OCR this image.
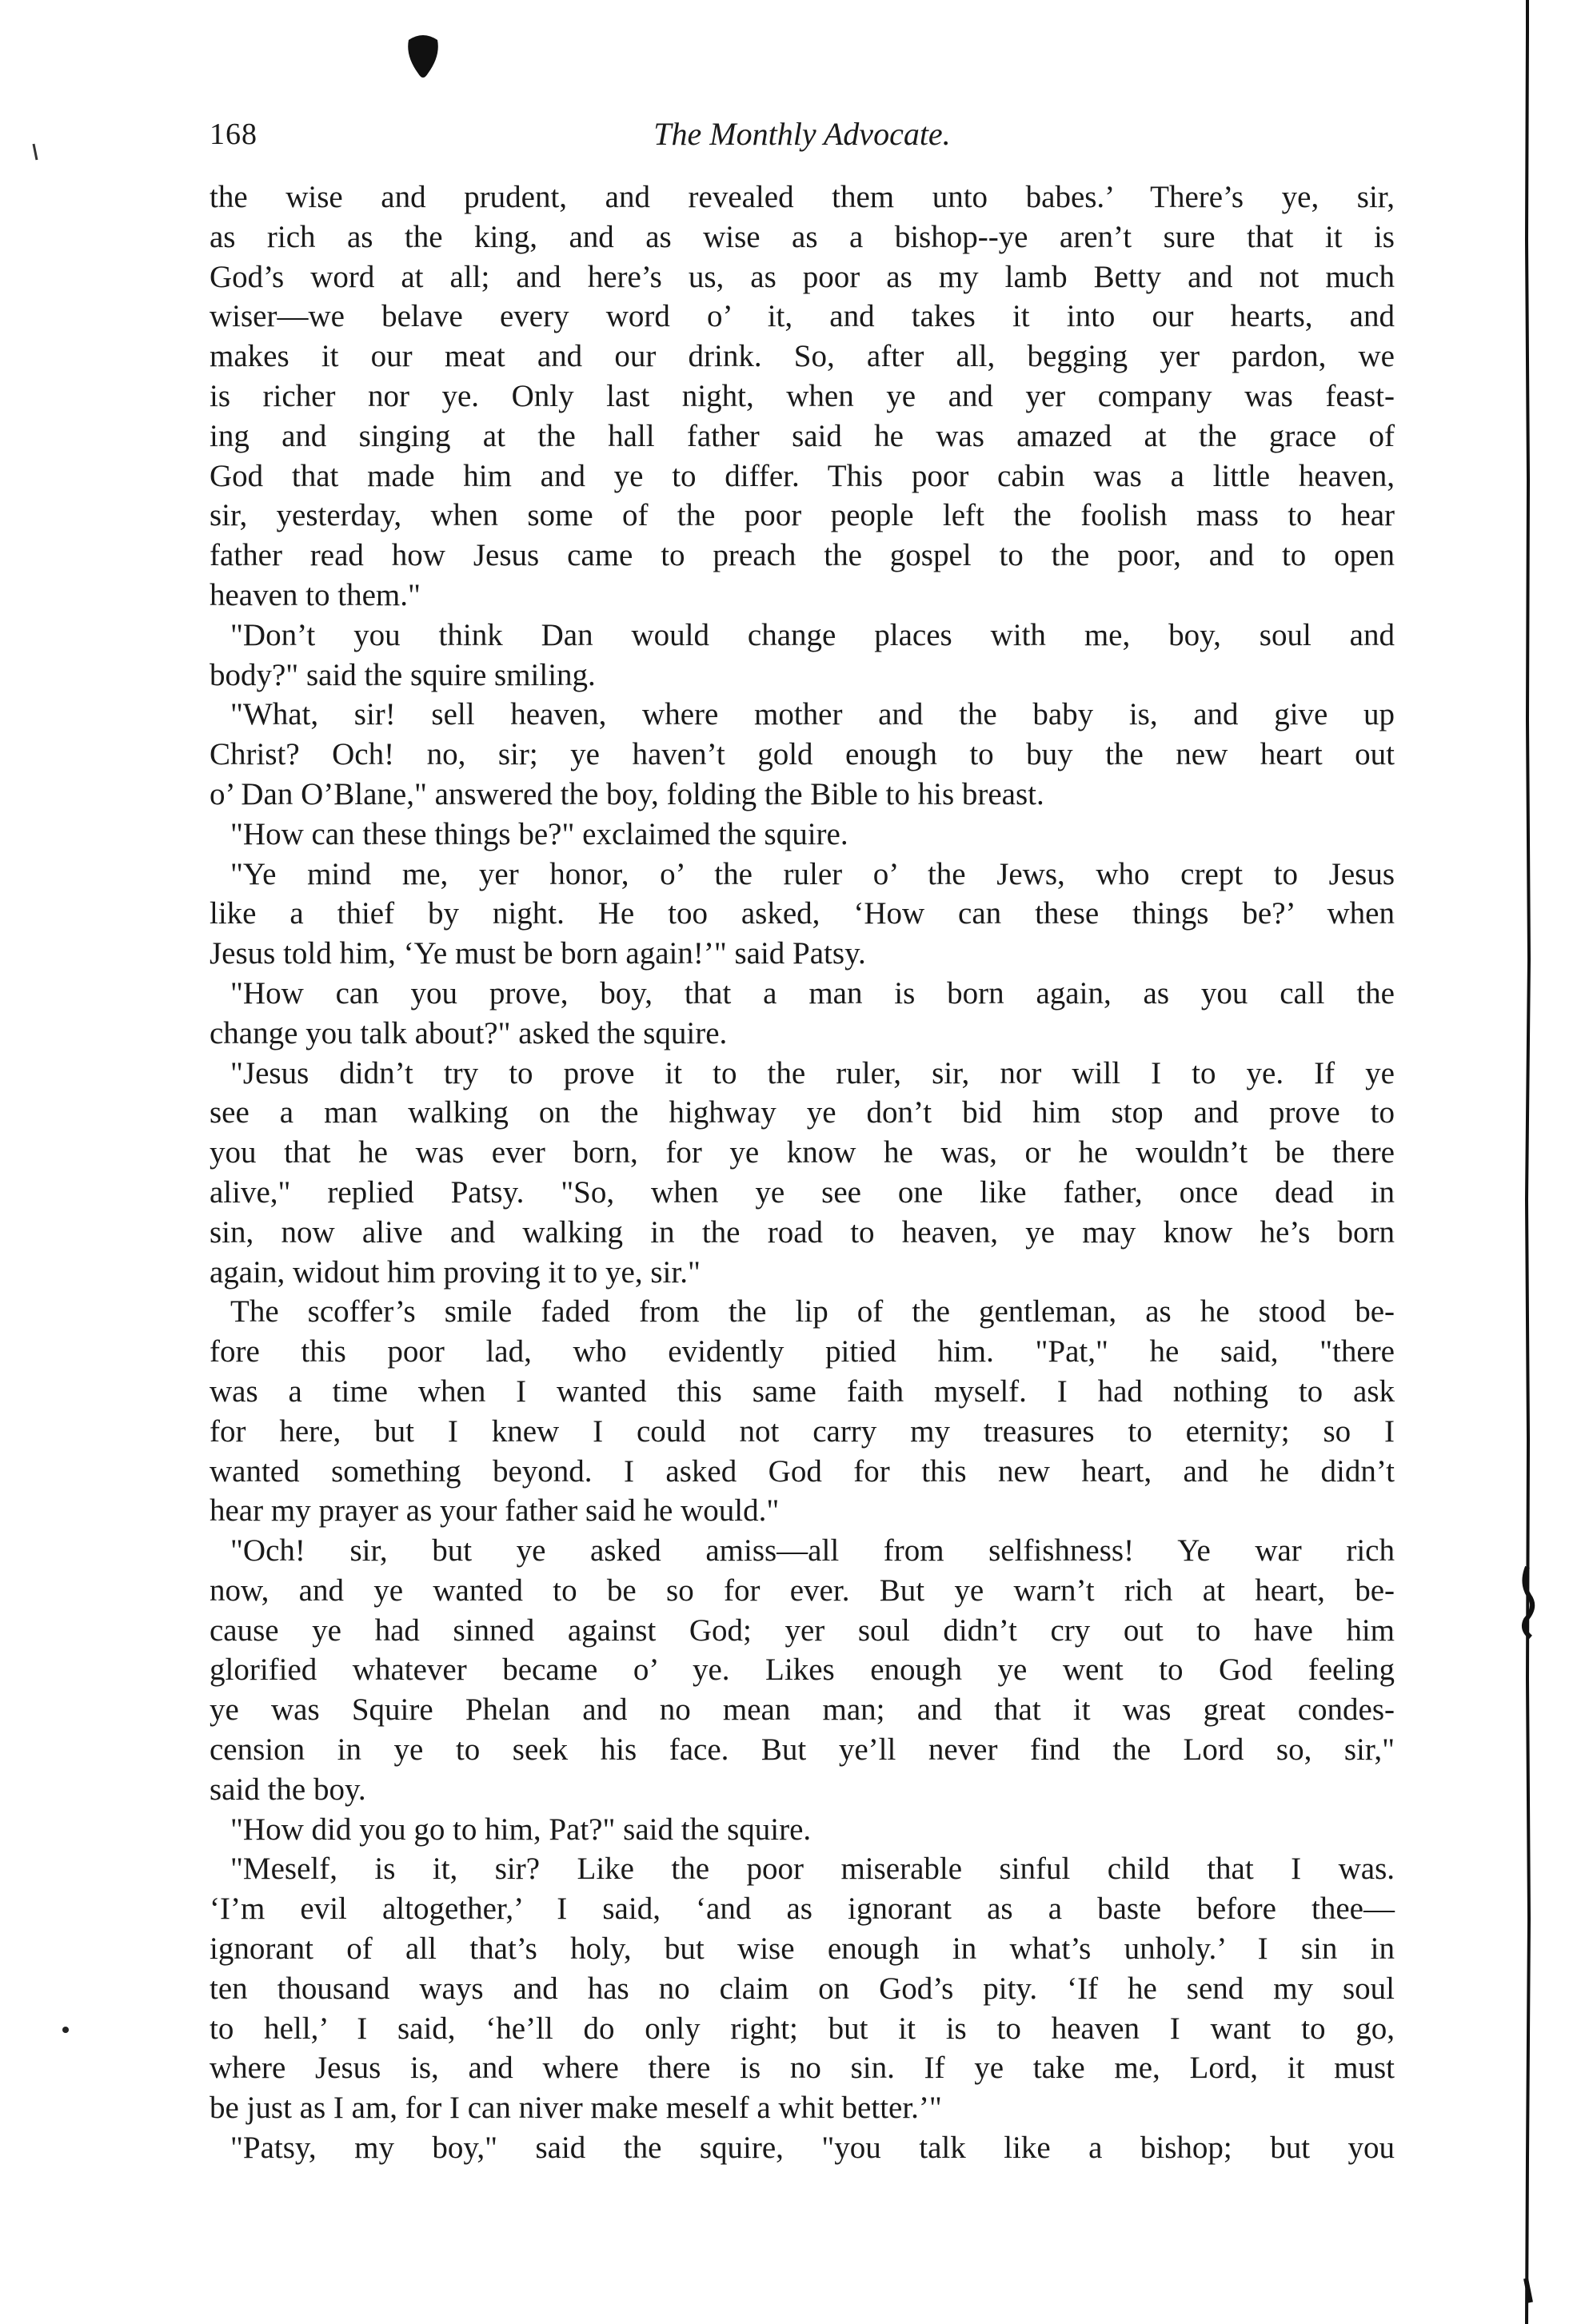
168	The Monthly Advocate.
the wise and prudent, and revealed them unto babes.’ There’s ye, sir,
as rich as the king, and as wise as a bishop--ye aren’t sure that it is
God’s word at all; and here’s us, as poor as my lamb Betty and not much
wiser—we belave every word o’ it, and takes it into our hearts, and
makes it our meat and our drink. So, after all, begging yer pardon, we
is richer nor ye. Only last night, when ye and yer company was feast-
ing and singing at the hall father said he was amazed at the grace of
God that made him and ye to differ. This poor cabin was a little heaven,
sir, yesterday, when some of the poor people left the foolish mass to hear
father read how Jesus came to preach the gospel to the poor, and to open
heaven to them."
"Don’t you think Dan would change places with me, boy, soul and
body?" said the squire smiling.
"What, sir! sell heaven, where mother and the baby is, and give up
Christ? Och! no, sir; ye haven’t gold enough to buy the new heart out
o’ Dan O’Blane," answered the boy, folding the Bible to his breast.
"How can these things be?" exclaimed the squire.
"Ye mind me, yer honor, o’ the ruler o’ the Jews, who crept to Jesus
like a thief by night. He too asked, ‘How can these things be?’ when
Jesus told him, ‘Ye must be born again!’" said Patsy.
"How can you prove, boy, that a man is born again, as you call the
change you talk about?" asked the squire.
"Jesus didn’t try to prove it to the ruler, sir, nor will I to ye. If ye
see a man walking on the highway ye don’t bid him stop and prove to
you that he was ever born, for ye know he was, or he wouldn’t be there
alive," replied Patsy. "So, when ye see one like father, once dead in
sin, now alive and walking in the road to heaven, ye may know he’s born
again, widout him proving it to ye, sir."
The scoffer’s smile faded from the lip of the gentleman, as he stood be-
fore this poor lad, who evidently pitied him. "Pat," he said, "there
was a time when I wanted this same faith myself. I had nothing to ask
for here, but I knew I could not carry my treasures to eternity; so I
wanted something beyond. I asked God for this new heart, and he didn’t
hear my prayer as your father said he would."
"Och! sir, but ye asked amiss—all from selfishness! Ye war rich
now, and ye wanted to be so for ever. But ye warn’t rich at heart, be-
cause ye had sinned against God; yer soul didn’t cry out to have him
glorified whatever became o’ ye. Likes enough ye went to God feeling
ye was Squire Phelan and no mean man; and that it was great condes-
cension in ye to seek his face. But ye’ll never find the Lord so, sir,"
said the boy.
"How did you go to him, Pat?" said the squire.
"Meself, is it, sir? Like the poor miserable sinful child that I was.
‘I’m evil altogether,’ I said, ‘and as ignorant as a baste before thee—
ignorant of all that’s holy, but wise enough in what’s unholy.’ I sin in
ten thousand ways and has no claim on God’s pity. ‘If he send my soul
to hell,’ I said, ‘he’ll do only right; but it is to heaven I want to go,
where Jesus is, and where there is no sin. If ye take me, Lord, it must
be just as I am, for I can niver make meself a whit better.’"
"Patsy, my boy," said the squire, "you talk like a bishop; but you
